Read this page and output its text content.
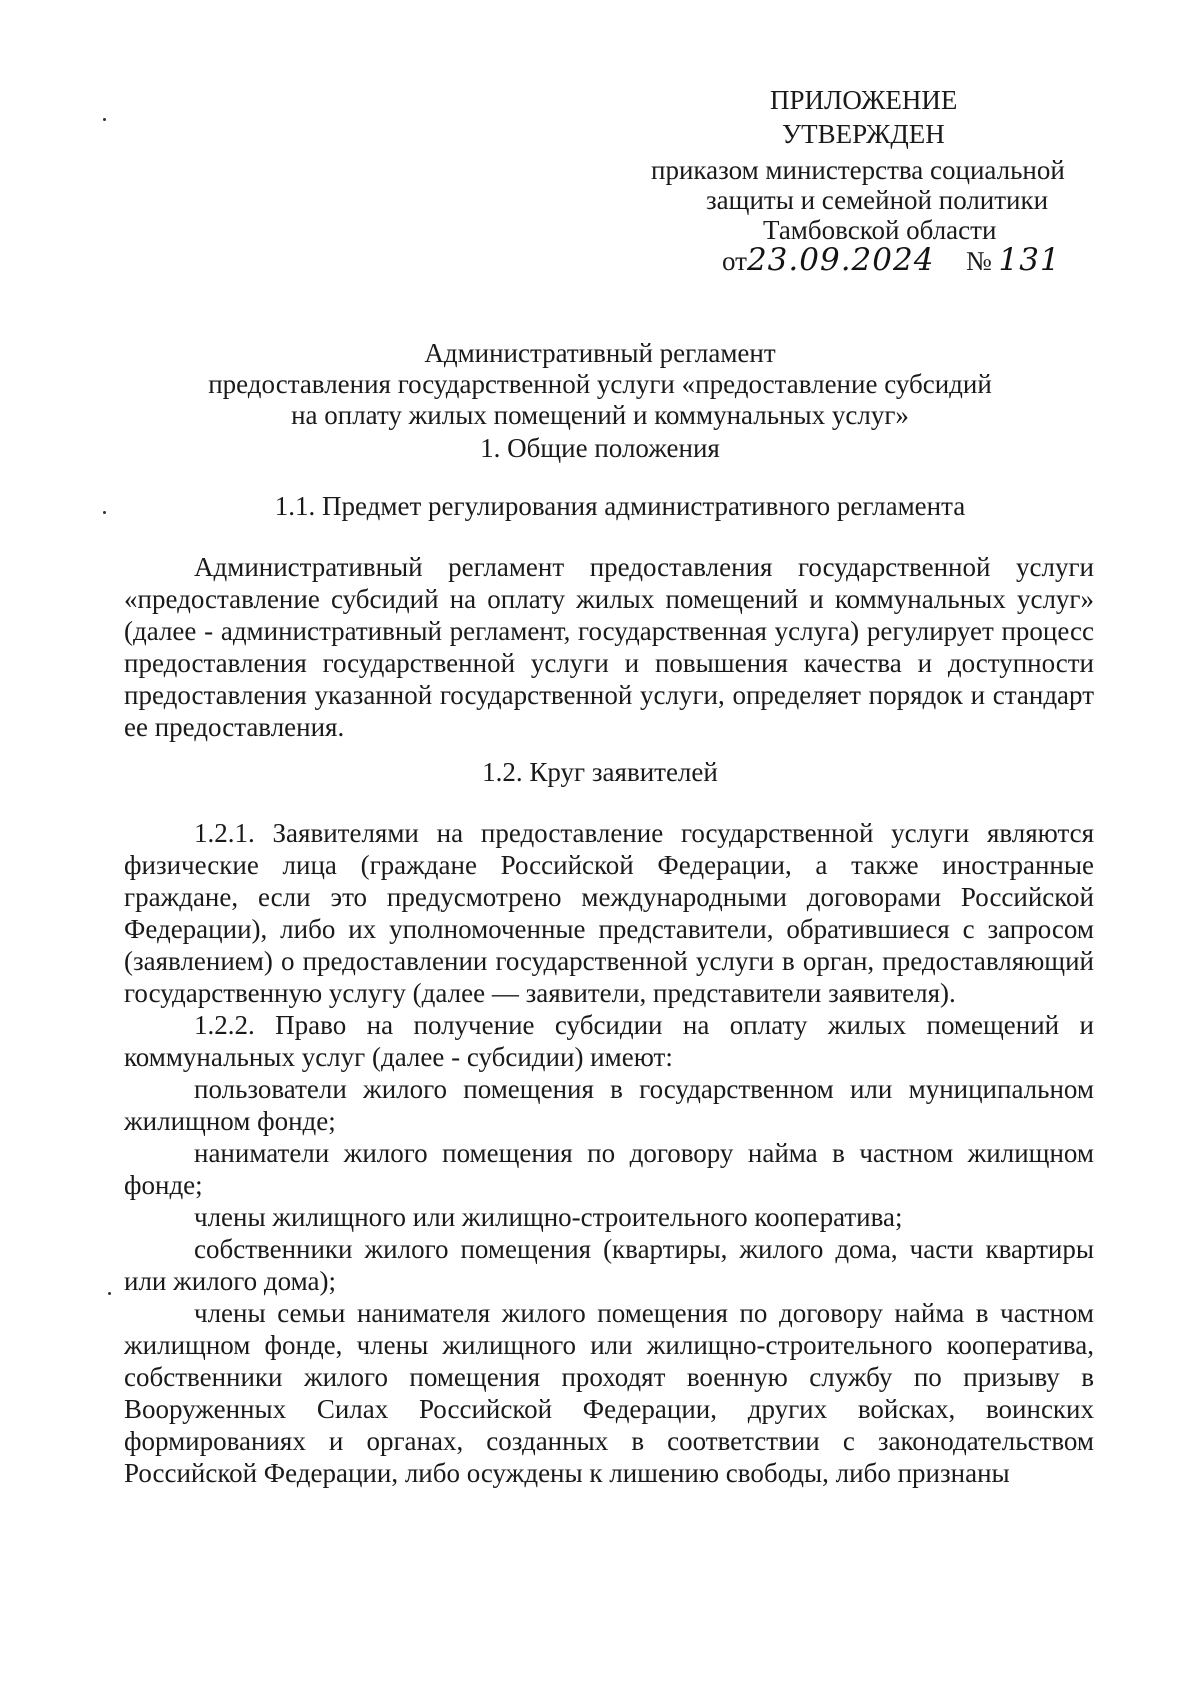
ПРИЛОЖЕНИЕ
УТВЕРЖДЕН
приказом министерства социальной
защиты и семейной политики
Тамбовской области
от23.09.2024 № 131
Административный регламент
предоставления государственной услуги «предоставление субсидий
на оплату жилых помещений и коммунальных услуг»
1. Общие положения
1.1. Предмет регулирования административного регламента

Административный регламент предоставления государственной услуги «предоставление субсидий на оплату жилых помещений и коммунальных услуг» (далее - административный регламент, государственная услуга) регулирует процесс предоставления государственной услуги и повышения качества и доступности предоставления указанной государственной услуги, определяет порядок и стандарт ее предоставления.

1.2. Круг заявителей

1.2.1. Заявителями на предоставление государственной услуги являются физические лица (граждане Российской Федерации, а также иностранные граждане, если это предусмотрено международными договорами Российской Федерации), либо их уполномоченные представители, обратившиеся с запросом (заявлением) о предоставлении государственной услуги в орган, предоставляющий государственную услугу (далее — заявители, представители заявителя).

1.2.2. Право на получение субсидии на оплату жилых помещений и коммунальных услуг (далее - субсидии) имеют:

пользователи жилого помещения в государственном или муниципальном жилищном фонде;

наниматели жилого помещения по договору найма в частном жилищном фонде;

члены жилищного или жилищно-строительного кооператива;

собственники жилого помещения (квартиры, жилого дома, части квартиры или жилого дома);

члены семьи нанимателя жилого помещения по договору найма в частном жилищном фонде, члены жилищного или жилищно-строительного кооператива, собственники жилого помещения проходят военную службу по призыву в Вооруженных Силах Российской Федерации, других войсках, воинских формированиях и органах, созданных в соответствии с законодательством Российской Федерации, либо осуждены к лишению свободы, либо признаны
